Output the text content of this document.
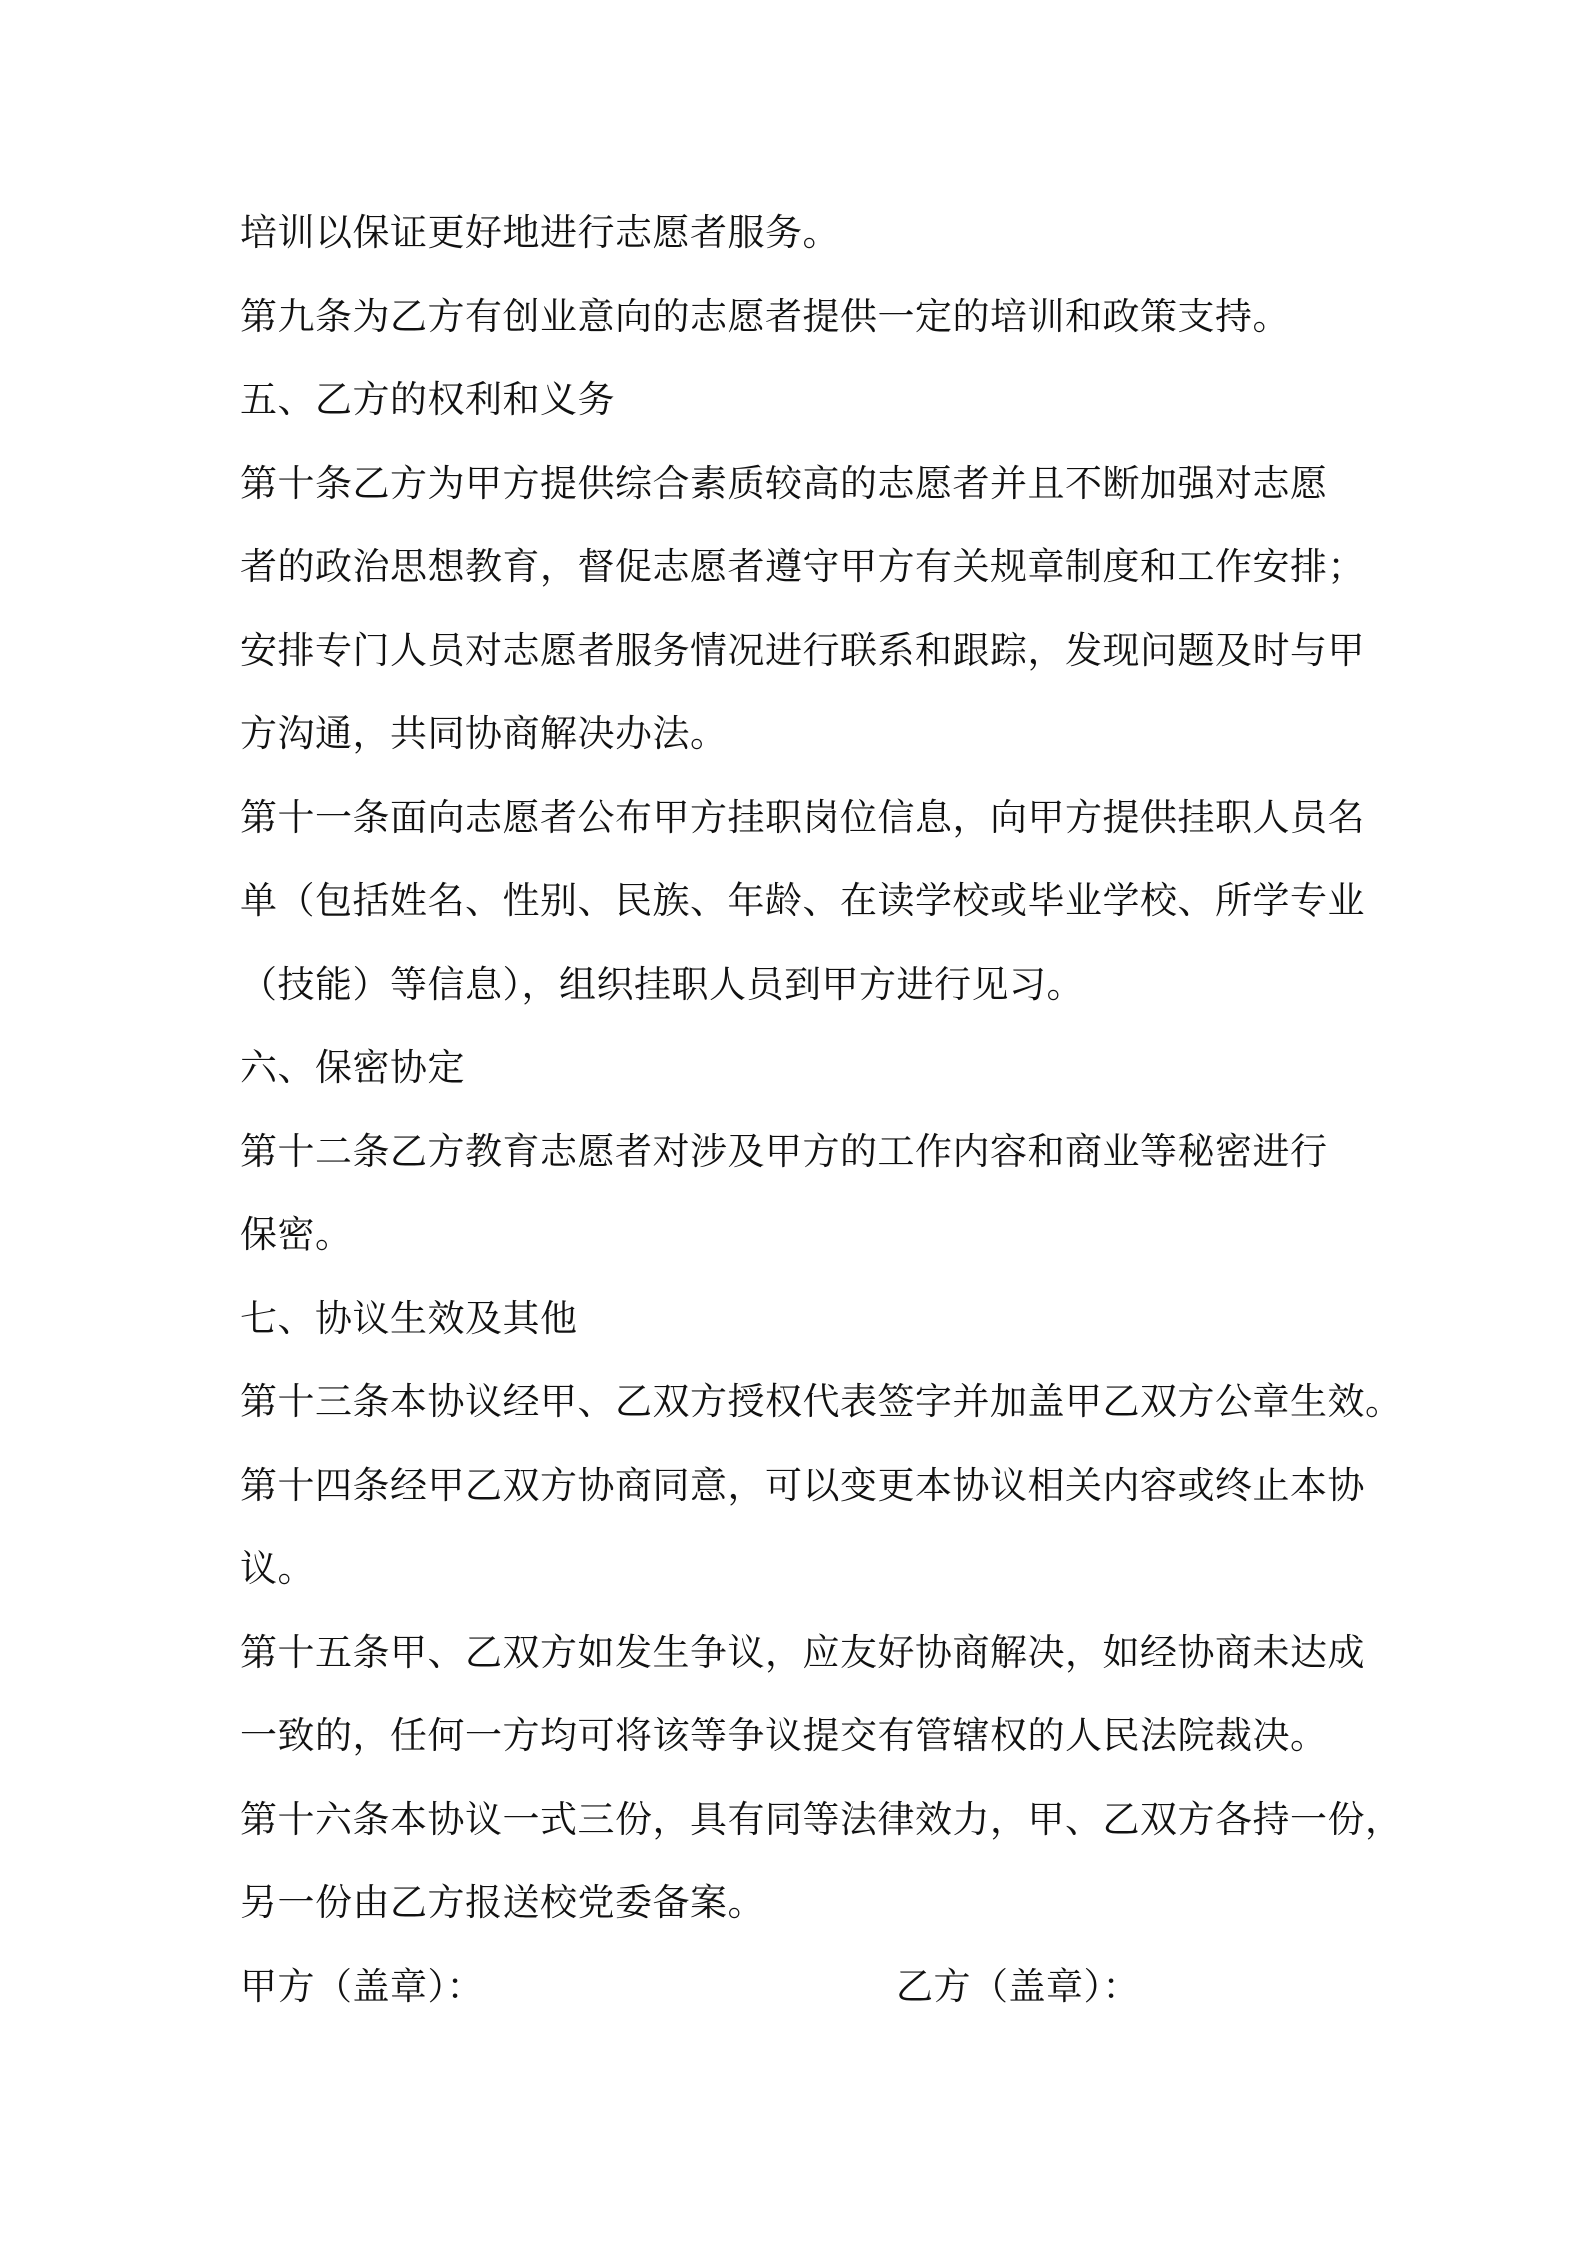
培训以保证更好地进行志愿者服务。
第九条为乙方有创业意向的志愿者提供一定的培训和政策支持。
五、乙方的权利和义务
第十条乙方为甲方提供综合素质较高的志愿者并且不断加强对志愿
者的政治思想教育，督促志愿者遵守甲方有关规章制度和工作安排；
安排专门人员对志愿者服务情况进行联系和跟踪，发现问题及时与甲
方沟通，共同协商解决办法。
第十一条面向志愿者公布甲方挂职岗位信息，向甲方提供挂职人员名
单（包括姓名、性别、民族、年龄、在读学校或毕业学校、所学专业
（技能）等信息），组织挂职人员到甲方进行见习。
六、保密协定
第十二条乙方教育志愿者对涉及甲方的工作内容和商业等秘密进行
保密。
七、协议生效及其他
第十三条本协议经甲、乙双方授权代表签字并加盖甲乙双方公章生效。
第十四条经甲乙双方协商同意，可以变更本协议相关内容或终止本协
议。
第十五条甲、乙双方如发生争议，应友好协商解决，如经协商未达成
一致的，任何一方均可将该等争议提交有管辖权的人民法院裁决。
第十六条本协议一式三份，具有同等法律效力，甲、乙双方各持一份，
另一份由乙方报送校党委备案。
甲方（盖章）：	乙方（盖章）：
